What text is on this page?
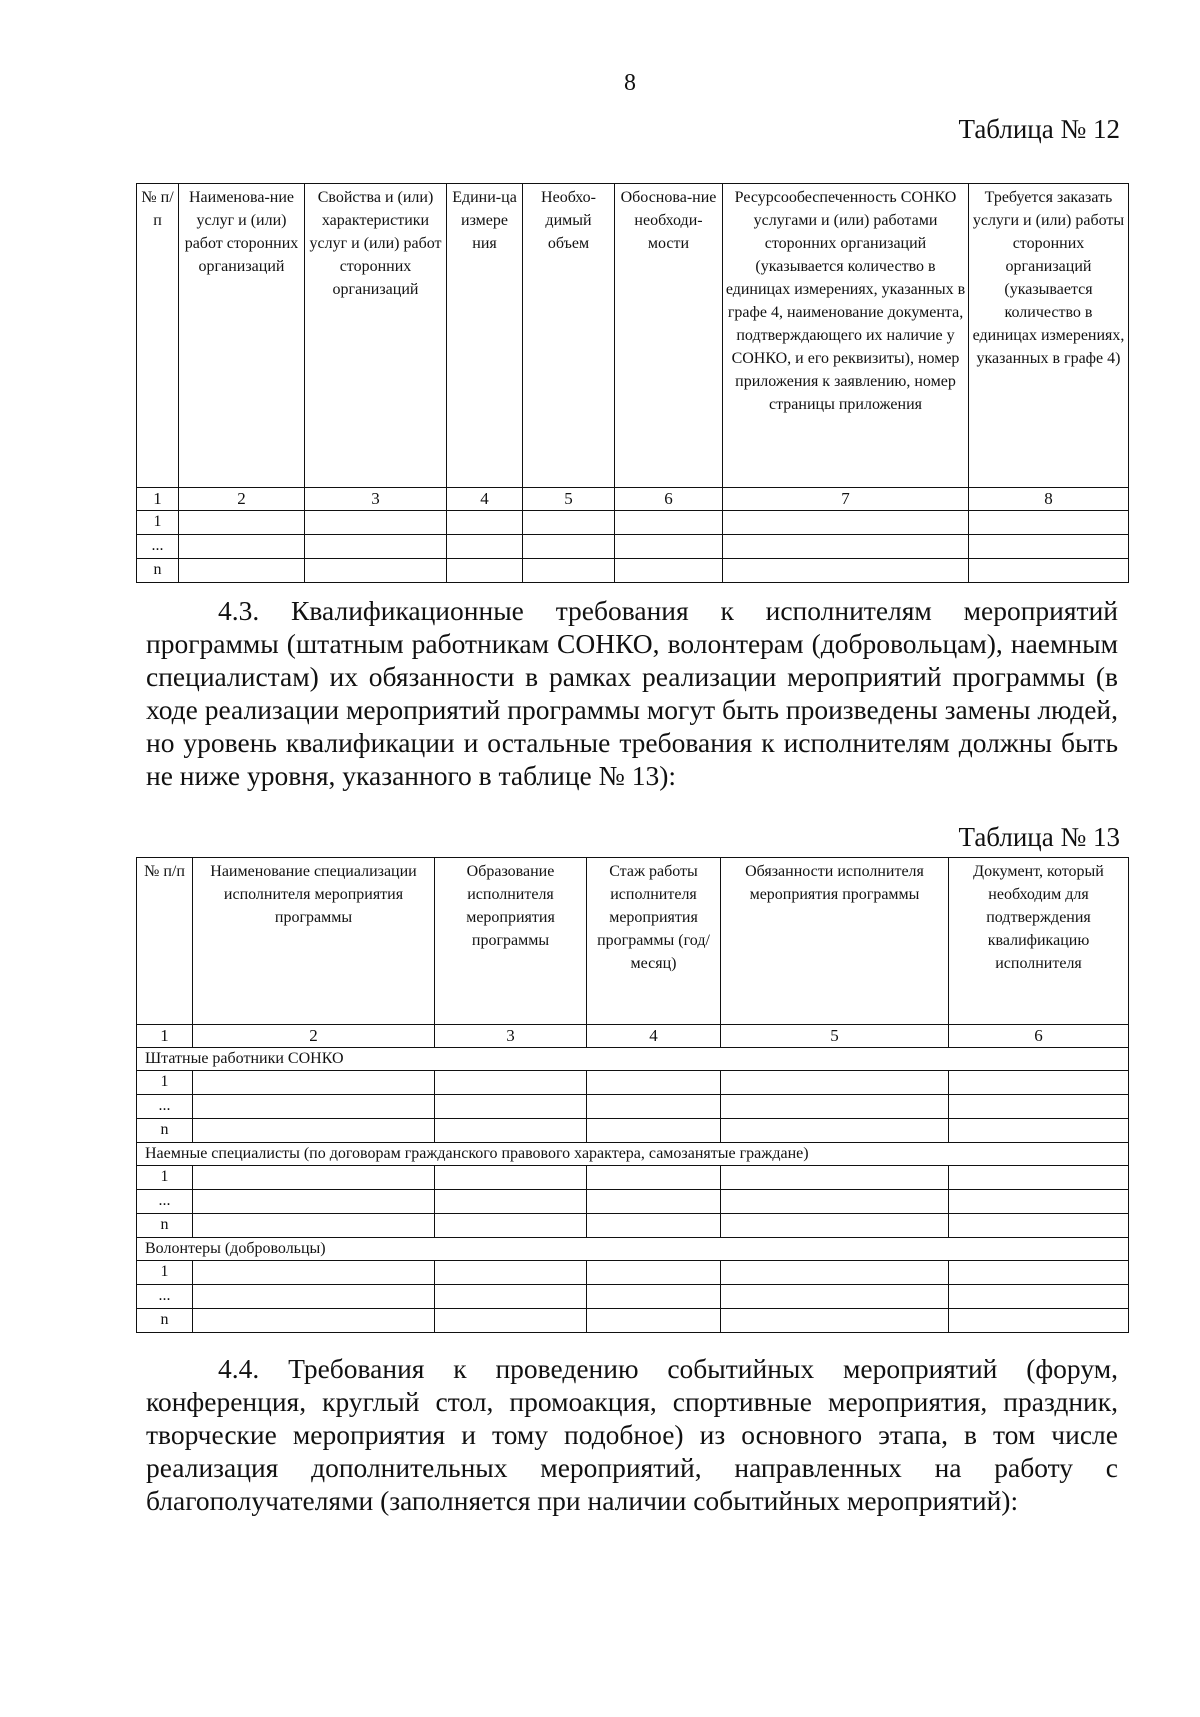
8
Таблица № 12
№ п/п	Наименова-ние услуг и (или) работ сторонних организаций	Свойства и (или) характеристики услуг и (или) работ сторонних организаций	Едини-ца измере ния	Необхо-димый объем	Обоснова-ние необходи-мости	Ресурсообеспеченность СОНКО услугами и (или) работами сторонних организаций (указывается количество в единицах измерениях, указанных в графе 4, наименование документа, подтверждающего их наличие у СОНКО, и его реквизиты), номер приложения к заявлению, номер страницы приложения	Требуется заказать услуги и (или) работы сторонних организаций (указывается количество в единицах измерениях, указанных в графе 4)
1	2	3	4	5	6	7	8
1							
...							
n							

4.3. Квалификационные требования к исполнителям мероприятий программы (штатным работникам СОНКО, волонтерам (добровольцам), наемным специалистам) их обязанности в рамках реализации мероприятий программы (в ходе реализации мероприятий программы могут быть произведены замены людей, но уровень квалификации и остальные требования к исполнителям должны быть не ниже уровня, указанного в таблице № 13):

Таблица № 13
№ п/п	Наименование специализации исполнителя мероприятия программы	Образование исполнителя мероприятия программы	Стаж работы исполнителя мероприятия программы (год/месяц)	Обязанности исполнителя мероприятия программы	Документ, который необходим для подтверждения квалификацию исполнителя
1	2	3	4	5	6
Штатные работники СОНКО					
1					
...					
n					
Наемные специалисты (по договорам гражданского правового характера, самозанятые граждане)					
1					
...					
n					
Волонтеры (добровольцы)					
1					
...					
n					

4.4. Требования к проведению событийных мероприятий (форум, конференция, круглый стол, промоакция, спортивные мероприятия, праздник, творческие мероприятия и тому подобное) из основного этапа, в том числе реализация дополнительных мероприятий, направленных на работу с благополучателями (заполняется при наличии событийных мероприятий):
